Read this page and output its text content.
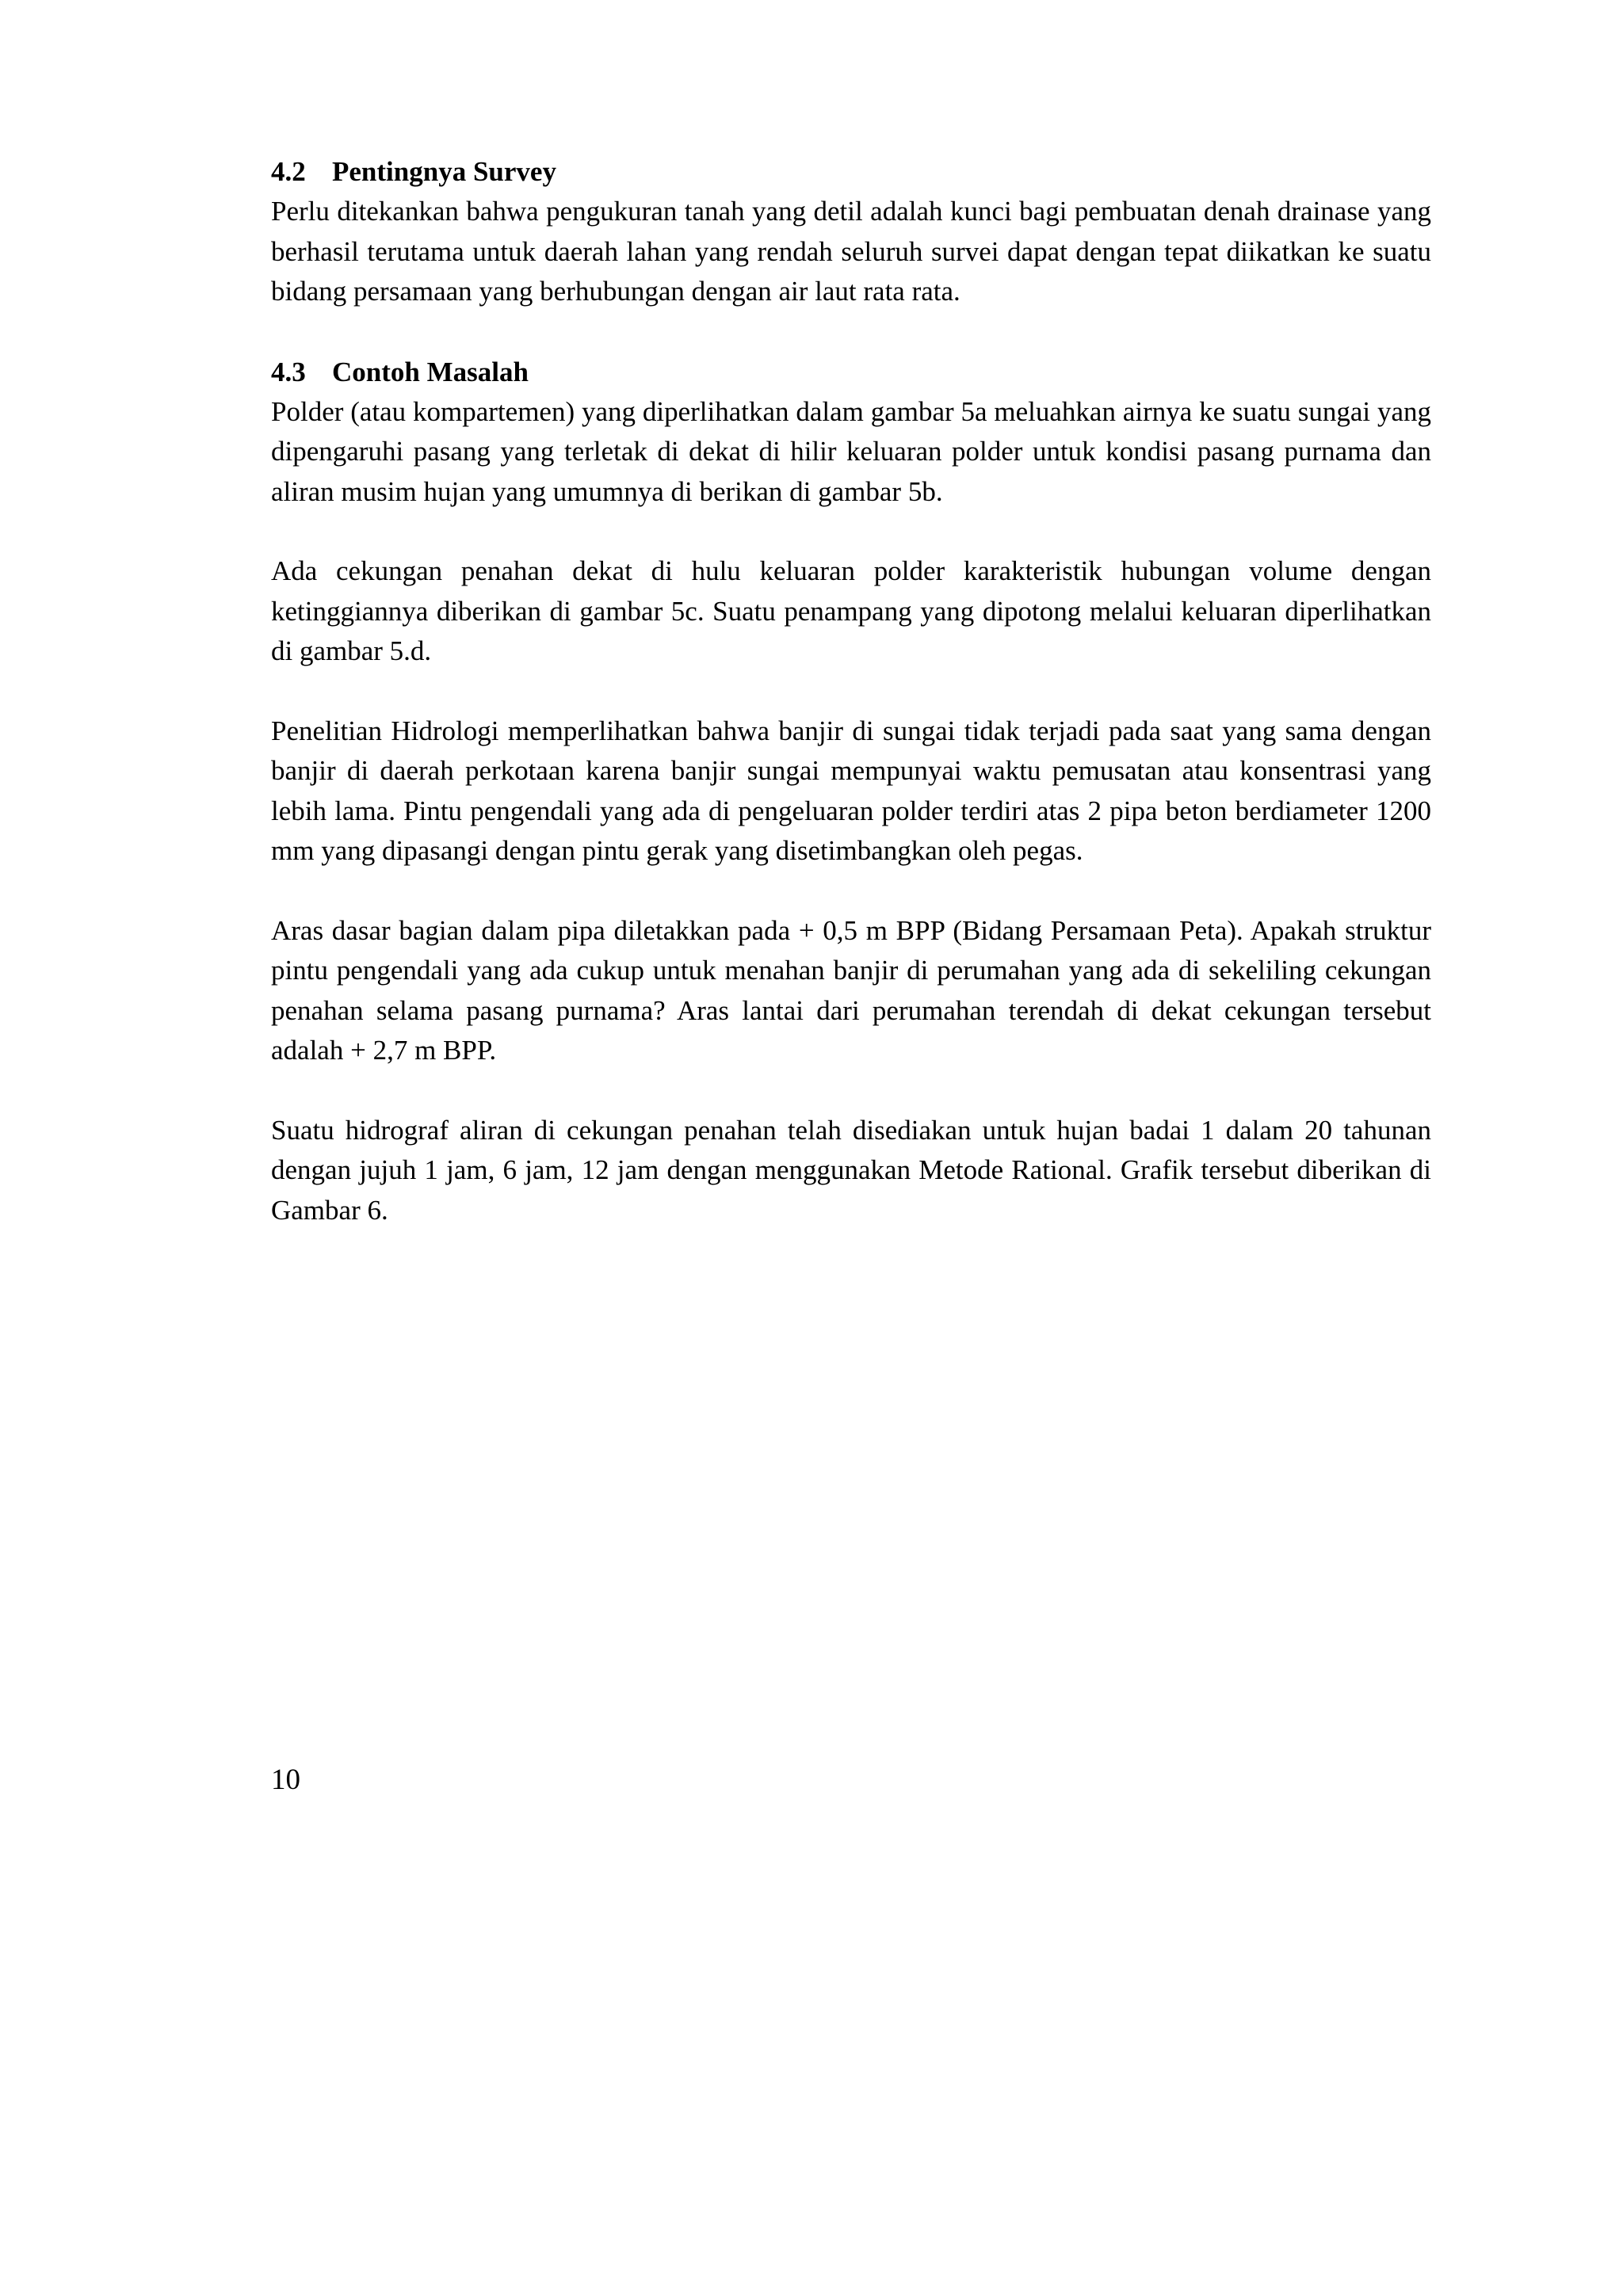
4.2 Pentingnya Survey

Perlu ditekankan bahwa pengukuran tanah yang detil adalah kunci bagi pembuatan denah drainase yang berhasil terutama untuk daerah lahan yang rendah seluruh survei dapat dengan tepat diikatkan ke suatu bidang persamaan yang berhubungan dengan air laut rata rata.

4.3 Contoh Masalah

Polder (atau kompartemen) yang diperlihatkan dalam gambar 5a meluahkan airnya ke suatu sungai yang dipengaruhi pasang yang terletak di dekat di hilir keluaran polder untuk kondisi pasang purnama dan aliran musim hujan yang umumnya di berikan di gambar 5b.

Ada cekungan penahan dekat di hulu keluaran polder karakteristik hubungan volume dengan ketinggiannya diberikan di gambar 5c. Suatu penampang yang dipotong melalui keluaran diperlihatkan di gambar 5.d.

Penelitian Hidrologi memperlihatkan bahwa banjir di sungai tidak terjadi pada saat yang sama dengan banjir di daerah perkotaan karena banjir sungai mempunyai waktu pemusatan atau konsentrasi yang lebih lama. Pintu pengendali yang ada di pengeluaran polder terdiri atas 2 pipa beton berdiameter 1200 mm yang dipasangi dengan pintu gerak yang disetimbangkan oleh pegas.

Aras dasar bagian dalam pipa diletakkan pada + 0,5 m BPP (Bidang Persamaan Peta). Apakah struktur pintu pengendali yang ada cukup untuk menahan banjir di perumahan yang ada di sekeliling cekungan penahan selama pasang purnama? Aras lantai dari perumahan terendah di dekat cekungan tersebut adalah + 2,7 m BPP.

Suatu hidrograf aliran di cekungan penahan telah disediakan untuk hujan badai 1 dalam 20 tahunan dengan jujuh 1 jam, 6 jam, 12 jam dengan menggunakan Metode Rational. Grafik tersebut diberikan di Gambar 6.

10
